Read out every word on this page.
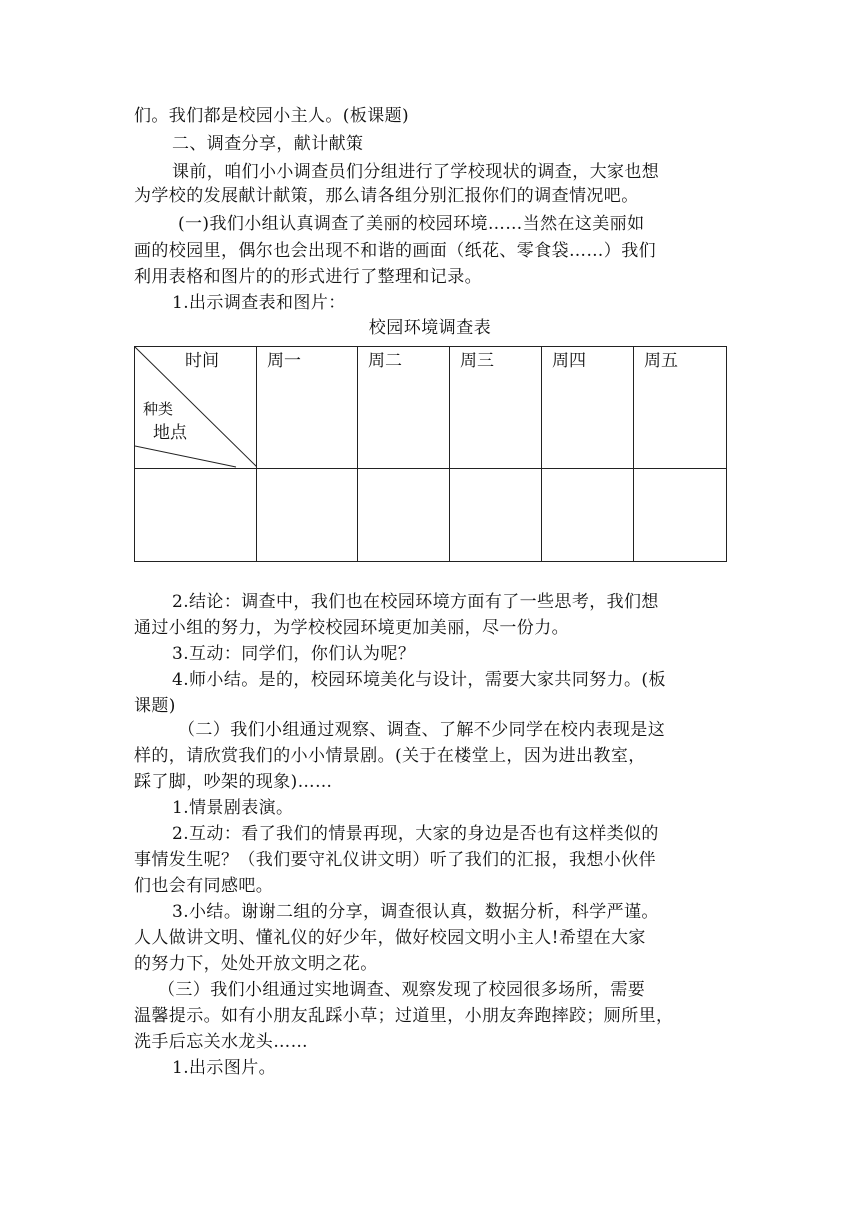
们。我们都是校园小主人。(板课题)
二、调查分享，献计献策
课前，咱们小小调查员们分组进行了学校现状的调查，大家也想
为学校的发展献计献策，那么请各组分别汇报你们的调查情况吧。
(一)我们小组认真调查了美丽的校园环境……当然在这美丽如
画的校园里，偶尔也会出现不和谐的画面（纸花、零食袋……）我们
利用表格和图片的的形式进行了整理和记录。
1.出示调查表和图片：
校园环境调查表
时间
种类
地点	周一	周二	周三	周四	周五

2.结论：调查中，我们也在校园环境方面有了一些思考，我们想
通过小组的努力，为学校校园环境更加美丽，尽一份力。
3.互动：同学们，你们认为呢？
4.师小结。是的，校园环境美化与设计，需要大家共同努力。(板
课题)
（二）我们小组通过观察、调查、了解不少同学在校内表现是这
样的，请欣赏我们的小小情景剧。(关于在楼堂上，因为进出教室，
踩了脚，吵架的现象)……
1.情景剧表演。
2.互动：看了我们的情景再现，大家的身边是否也有这样类似的
事情发生呢？（我们要守礼仪讲文明）听了我们的汇报，我想小伙伴
们也会有同感吧。
3.小结。谢谢二组的分享，调查很认真，数据分析，科学严谨。
人人做讲文明、懂礼仪的好少年，做好校园文明小主人!希望在大家
的努力下，处处开放文明之花。
（三）我们小组通过实地调查、观察发现了校园很多场所，需要
温馨提示。如有小朋友乱踩小草；过道里，小朋友奔跑摔跤；厕所里，
洗手后忘关水龙头……
1.出示图片。
